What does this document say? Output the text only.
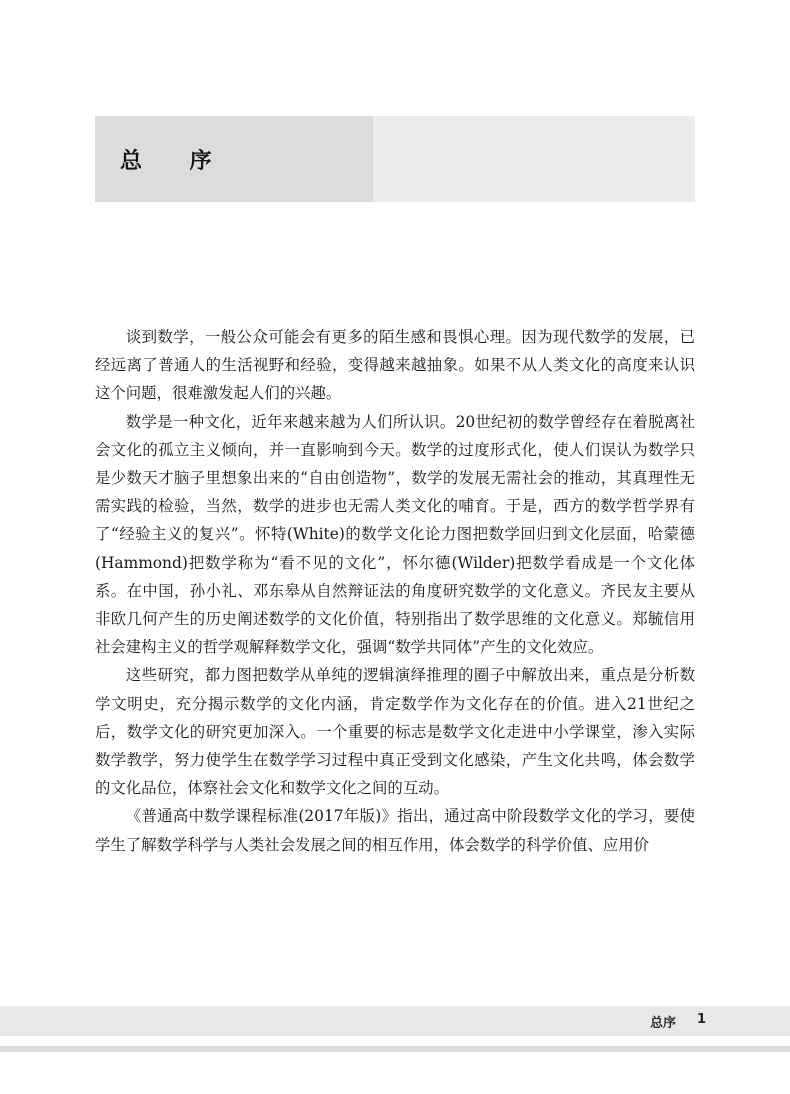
总 序

谈到数学，一般公众可能会有更多的陌生感和畏惧心理。因为现代数学的发展，已经远离了普通人的生活视野和经验，变得越来越抽象。如果不从人类文化的高度来认识这个问题，很难激发起人们的兴趣。

数学是一种文化，近年来越来越为人们所认识。20世纪初的数学曾经存在着脱离社会文化的孤立主义倾向，并一直影响到今天。数学的过度形式化，使人们误认为数学只是少数天才脑子里想象出来的“自由创造物”，数学的发展无需社会的推动，其真理性无需实践的检验，当然，数学的进步也无需人类文化的哺育。于是，西方的数学哲学界有了“经验主义的复兴”。怀特(White)的数学文化论力图把数学回归到文化层面，哈蒙德(Hammond)把数学称为“看不见的文化”，怀尔德(Wilder)把数学看成是一个文化体系。在中国，孙小礼、邓东皋从自然辩证法的角度研究数学的文化意义。齐民友主要从非欧几何产生的历史阐述数学的文化价值，特别指出了数学思维的文化意义。郑毓信用社会建构主义的哲学观解释数学文化，强调“数学共同体”产生的文化效应。

这些研究，都力图把数学从单纯的逻辑演绎推理的圈子中解放出来，重点是分析数学文明史，充分揭示数学的文化内涵，肯定数学作为文化存在的价值。进入21世纪之后，数学文化的研究更加深入。一个重要的标志是数学文化走进中小学课堂，渗入实际数学教学，努力使学生在数学学习过程中真正受到文化感染，产生文化共鸣，体会数学的文化品位，体察社会文化和数学文化之间的互动。

《普通高中数学课程标准(2017年版)》指出，通过高中阶段数学文化的学习，要使学生了解数学科学与人类社会发展之间的相互作用，体会数学的科学价值、应用价

总序 1
